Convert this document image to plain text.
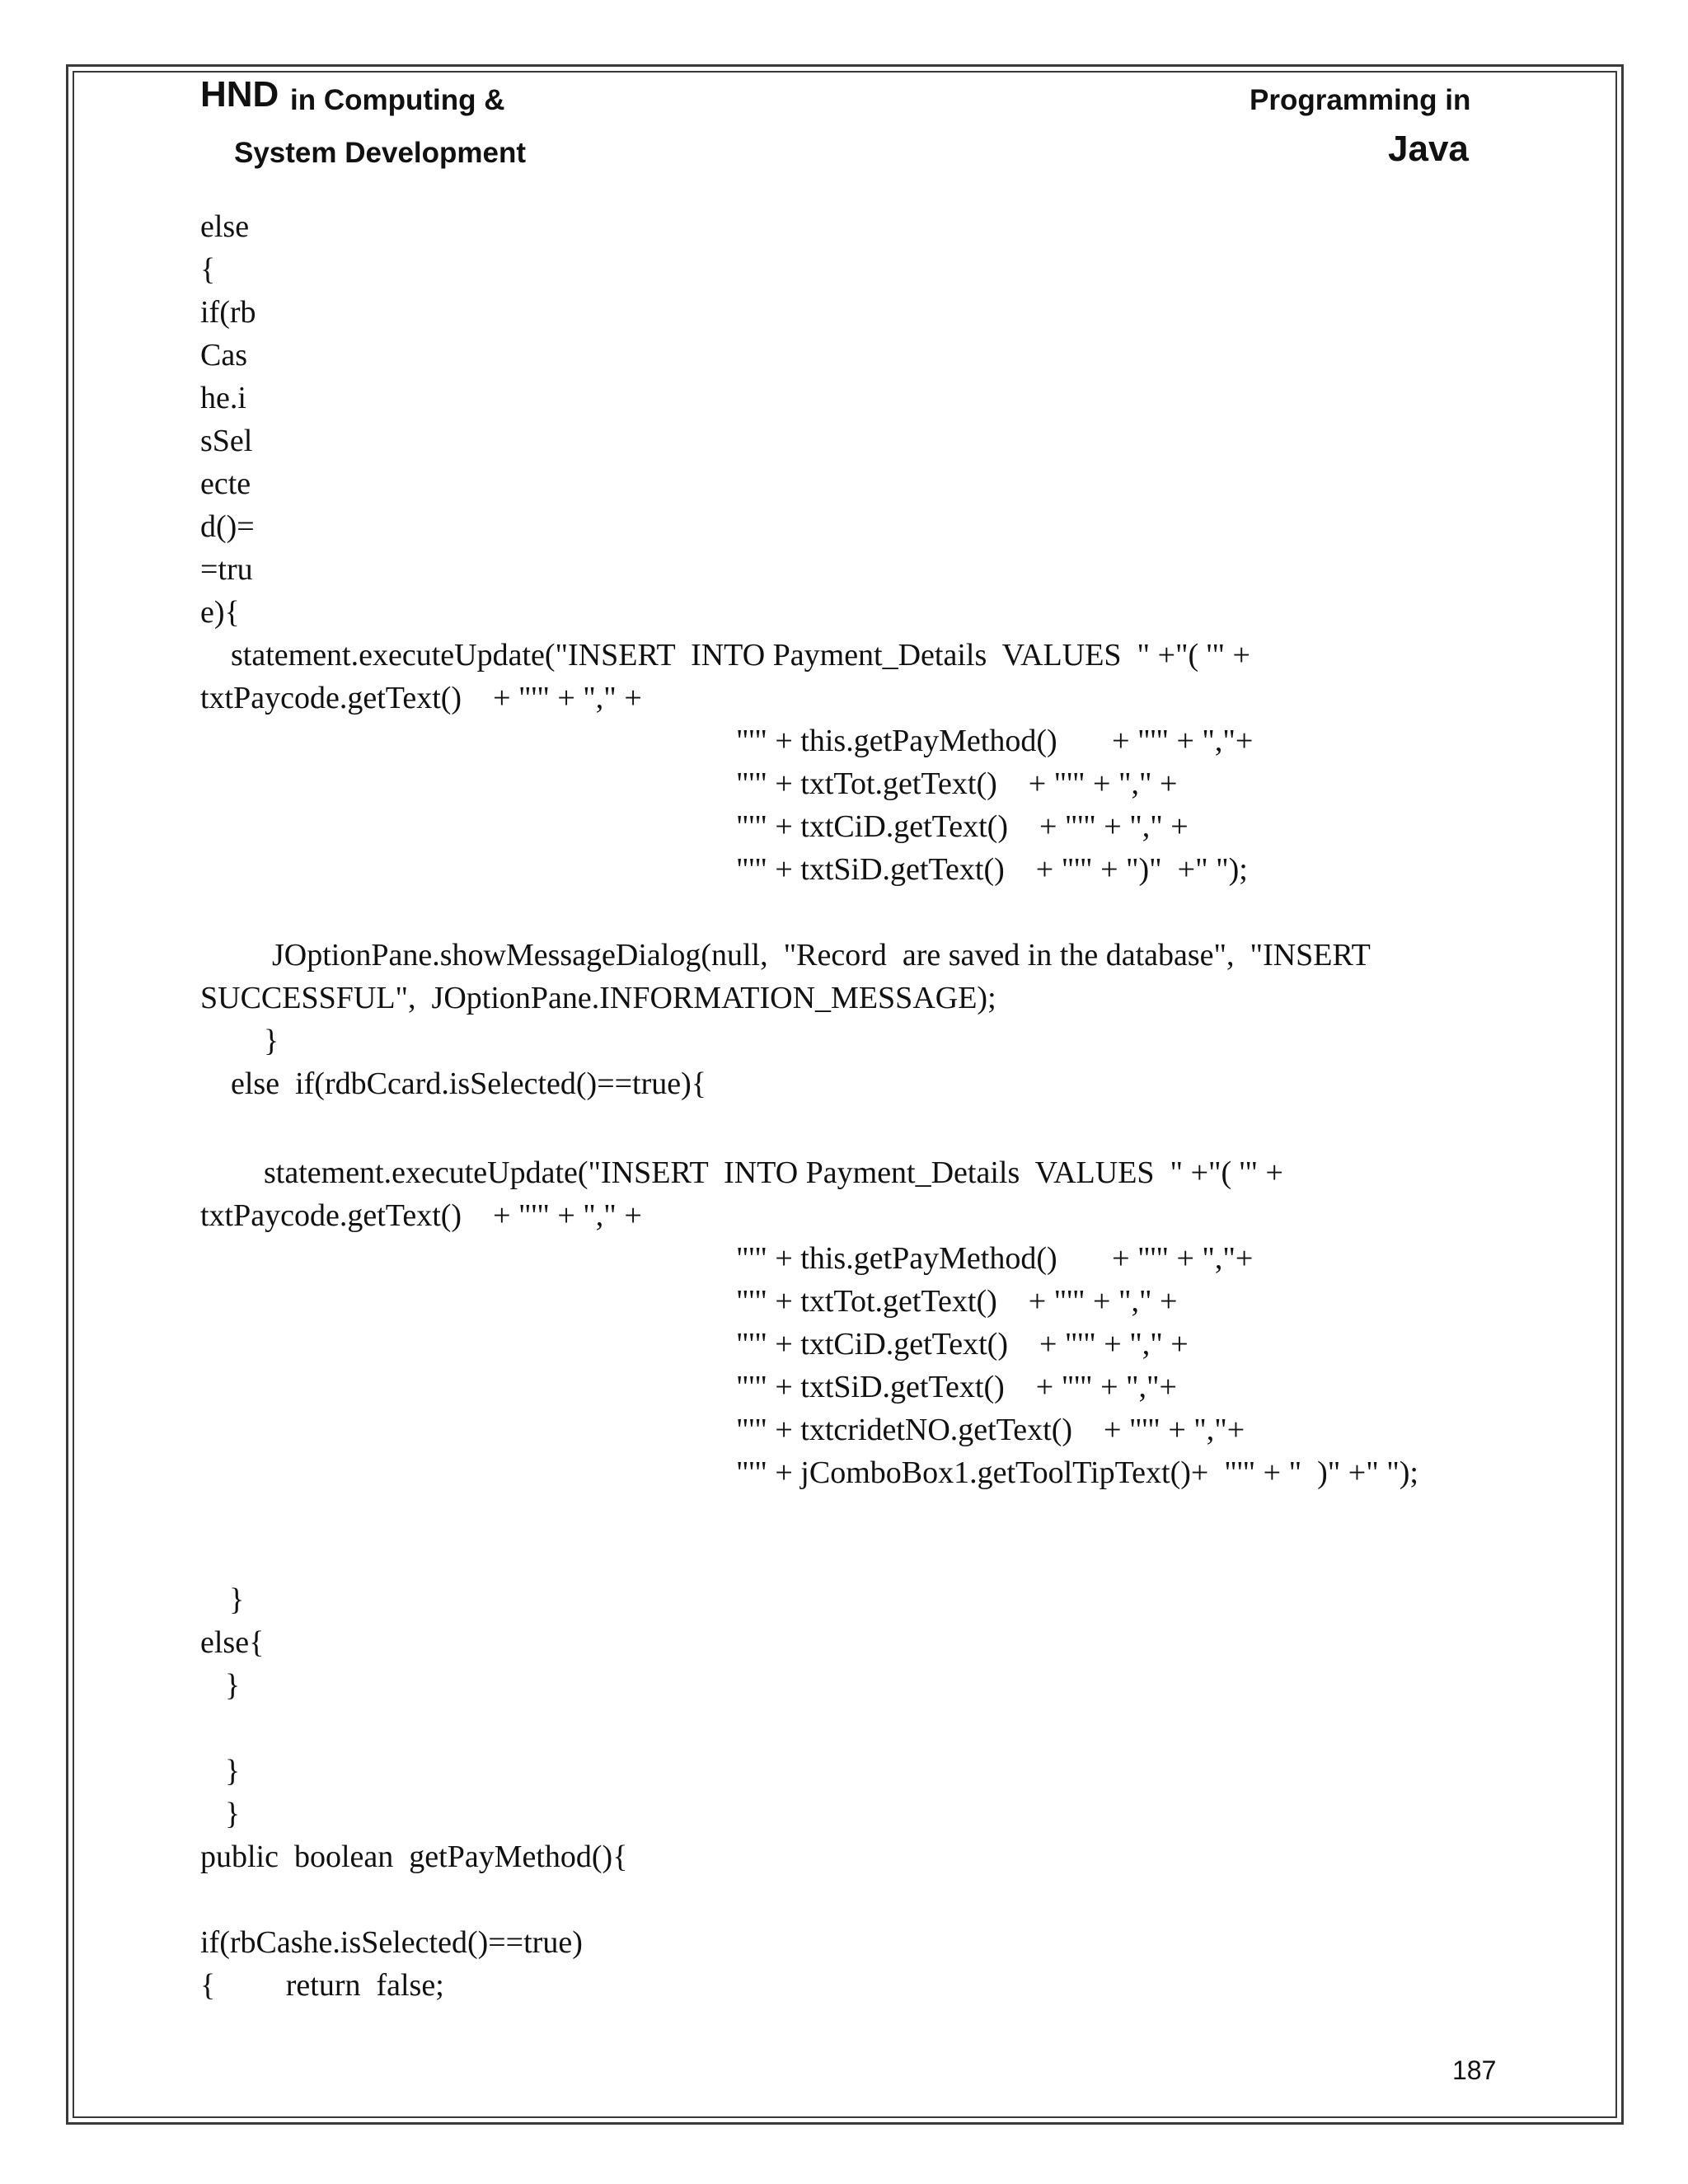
HND in Computing &
System Development
Programming in
Java
else
{
if(rb
Cas
he.i
sSel
ecte
d()=
=tru
e){
statement.executeUpdate("INSERT  INTO Payment_Details  VALUES  " +"( '" +
txtPaycode.getText()    + "'" + "," +
"'" + this.getPayMethod()       + "'" + ","+
"'" + txtTot.getText()    + "'" + "," +
"'" + txtCiD.getText()    + "'" + "," +
"'" + txtSiD.getText()    + "'" + ")"  +" ");
JOptionPane.showMessageDialog(null,  "Record  are saved in the database",  "INSERT
SUCCESSFUL",  JOptionPane.INFORMATION_MESSAGE);
}
else  if(rdbCcard.isSelected()==true){
statement.executeUpdate("INSERT  INTO Payment_Details  VALUES  " +"( '" +
txtPaycode.getText()    + "'" + "," +
"'" + this.getPayMethod()       + "'" + ","+
"'" + txtTot.getText()    + "'" + "," +
"'" + txtCiD.getText()    + "'" + "," +
"'" + txtSiD.getText()    + "'" + ","+
"'" + txtcridetNO.getText()    + "'" + ","+
"'" + jComboBox1.getToolTipText()+  "'" + "  )" +" ");
}
else{
}
}
}
public  boolean  getPayMethod(){
if(rbCashe.isSelected()==true)
{         return  false;
187
